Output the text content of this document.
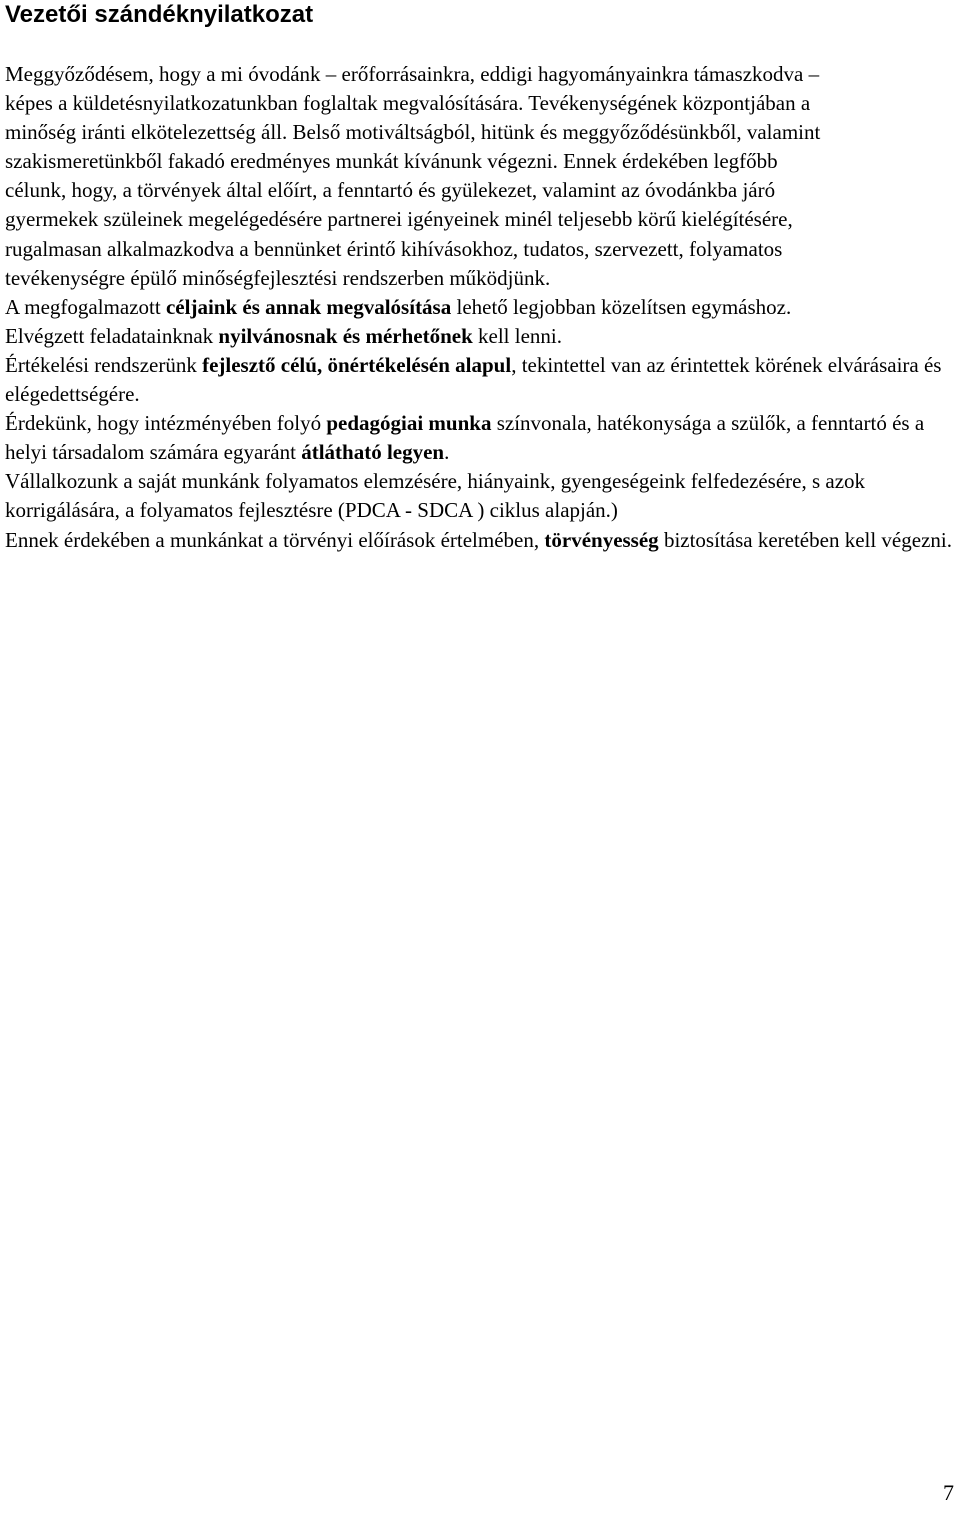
Vezetői szándéknyilatkozat

Meggyőződésem, hogy a mi óvodánk – erőforrásainkra, eddigi hagyományainkra támaszkodva – képes a küldetésnyilatkozatunkban foglaltak megvalósítására. Tevékenységének központjában a minőség iránti elkötelezettség áll. Belső motiváltságból, hitünk és meggyőződésünkből, valamint szakismeretünkből fakadó eredményes munkát kívánunk végezni. Ennek érdekében legfőbb célunk, hogy, a törvények által előírt, a fenntartó és gyülekezet, valamint az óvodánkba járó gyermekek szüleinek megelégedésére partnerei igényeinek minél teljesebb körű kielégítésére, rugalmasan alkalmazkodva a bennünket érintő kihívásokhoz, tudatos, szervezett, folyamatos tevékenységre épülő minőségfejlesztési rendszerben működjünk.

A megfogalmazott céljaink és annak megvalósítása lehető legjobban közelítsen egymáshoz.

Elvégzett feladatainknak nyilvánosnak és mérhetőnek kell lenni.

Értékelési rendszerünk fejlesztő célú, önértékelésén alapul, tekintettel van az érintettek körének elvárásaira és elégedettségére.

Érdekünk, hogy intézményében folyó pedagógiai munka színvonala, hatékonysága a szülők, a fenntartó és a helyi társadalom számára egyaránt átlátható legyen.

Vállalkozunk a saját munkánk folyamatos elemzésére, hiányaink, gyengeségeink felfedezésére, s azok korrigálására, a folyamatos fejlesztésre (PDCA - SDCA ) ciklus alapján.)

Ennek érdekében a munkánkat a törvényi előírások értelmében, törvényesség biztosítása keretében kell végezni.

7
